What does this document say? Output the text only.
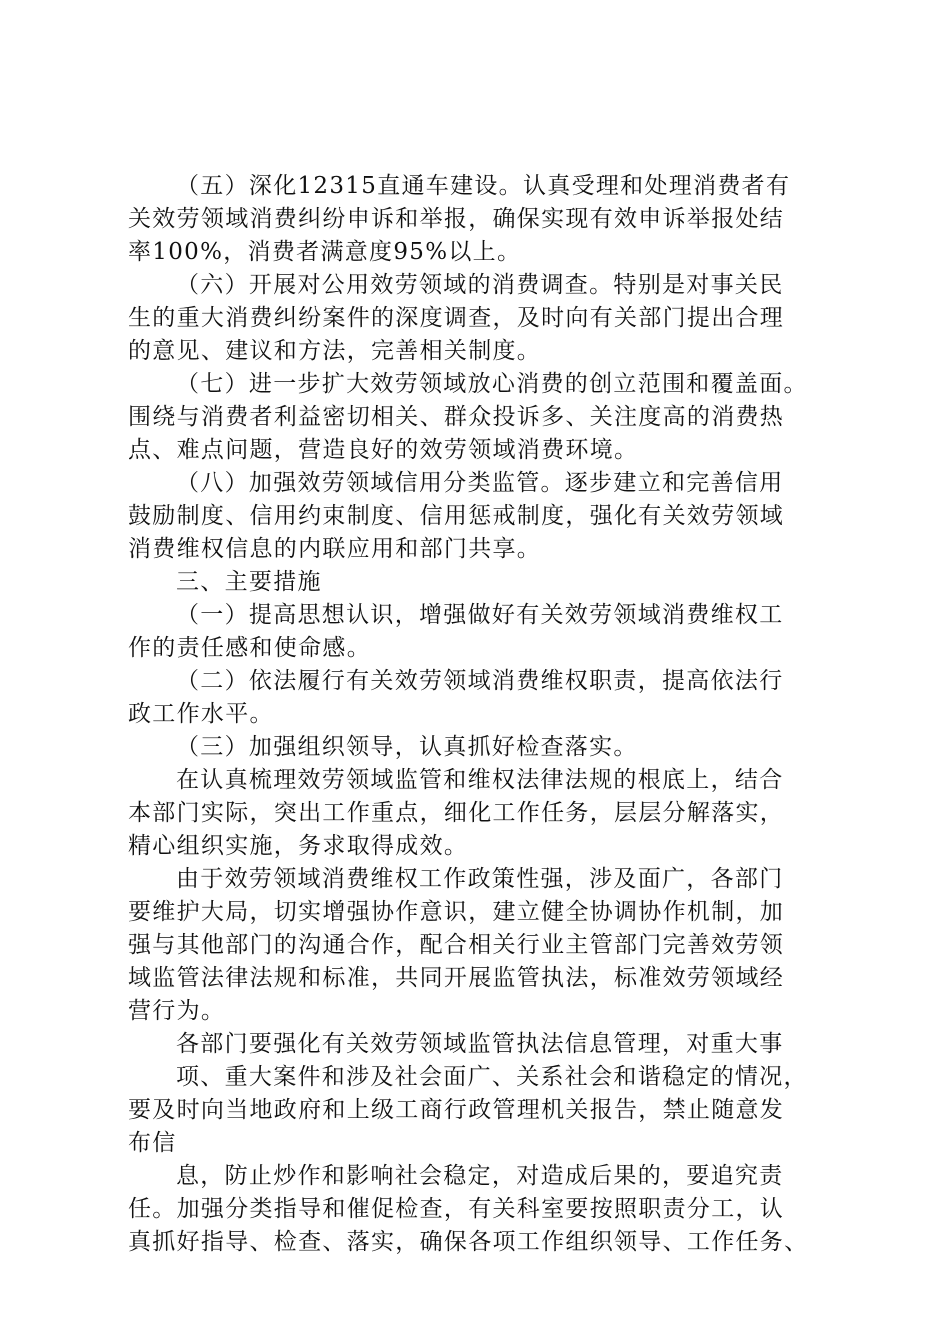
（五）深化12315直通车建设。认真受理和处理消费者有
关效劳领域消费纠纷申诉和举报，确保实现有效申诉举报处结
率100%，消费者满意度95%以上。
（六）开展对公用效劳领域的消费调查。特别是对事关民
生的重大消费纠纷案件的深度调查，及时向有关部门提出合理
的意见、建议和方法，完善相关制度。
（七）进一步扩大效劳领域放心消费的创立范围和覆盖面。
围绕与消费者利益密切相关、群众投诉多、关注度高的消费热
点、难点问题，营造良好的效劳领域消费环境。
（八）加强效劳领域信用分类监管。逐步建立和完善信用
鼓励制度、信用约束制度、信用惩戒制度，强化有关效劳领域
消费维权信息的内联应用和部门共享。
三、主要措施
（一）提高思想认识，增强做好有关效劳领域消费维权工
作的责任感和使命感。
（二）依法履行有关效劳领域消费维权职责，提高依法行
政工作水平。
（三）加强组织领导，认真抓好检查落实。
在认真梳理效劳领域监管和维权法律法规的根底上，结合
本部门实际，突出工作重点，细化工作任务，层层分解落实，
精心组织实施，务求取得成效。
由于效劳领域消费维权工作政策性强，涉及面广，各部门
要维护大局，切实增强协作意识，建立健全协调协作机制，加
强与其他部门的沟通合作，配合相关行业主管部门完善效劳领
域监管法律法规和标准，共同开展监管执法，标准效劳领域经
营行为。
各部门要强化有关效劳领域监管执法信息管理，对重大事
项、重大案件和涉及社会面广、关系社会和谐稳定的情况，
要及时向当地政府和上级工商行政管理机关报告，禁止随意发
布信
息，防止炒作和影响社会稳定，对造成后果的，要追究责
任。加强分类指导和催促检查，有关科室要按照职责分工，认
真抓好指导、检查、落实，确保各项工作组织领导、工作任务、
